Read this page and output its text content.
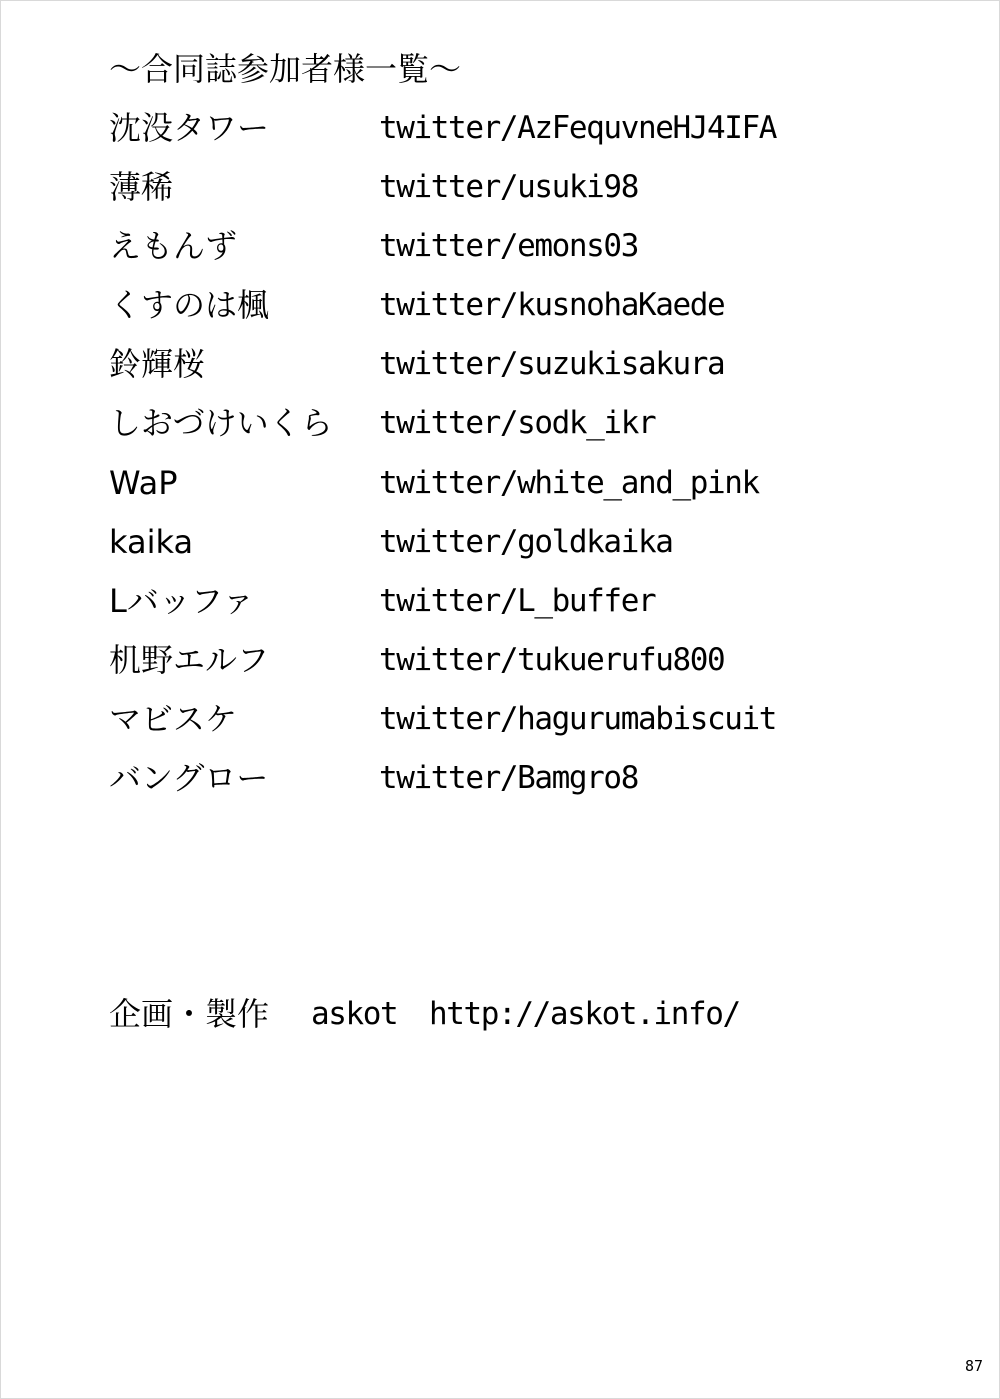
～合同誌参加者様一覧～
沈没タワー	twitter/AzFequvneHJ4IFA
薄稀	twitter/usuki98
えもんず	twitter/emons03
くすのは楓	twitter/kusnohaKaede
鈴輝桜	twitter/suzukisakura
しおづけいくら twitter/sodk_ikr
WaP	twitter/white_and_pink
kaika	twitter/goldkaika
Lバッファ	twitter/L_buffer
机野エルフ	twitter/tukuerufu800
マビスケ	twitter/hagurumabiscuit
バングロー	twitter/Bamgro8
企画・製作 askot http://askot.info/
87
